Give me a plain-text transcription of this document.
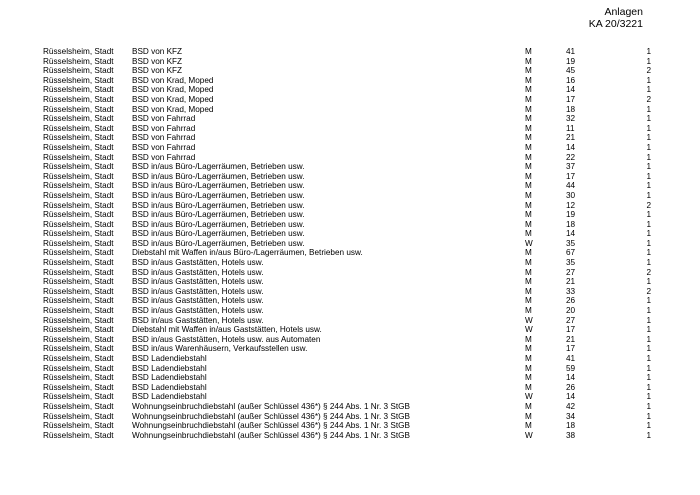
Anlagen
KA 20/3221
Rüsselsheim, Stadt	BSD von KFZ	M	41	1
Rüsselsheim, Stadt	BSD von KFZ	M	19	1
Rüsselsheim, Stadt	BSD von KFZ	M	45	2
Rüsselsheim, Stadt	BSD von Krad, Moped	M	16	1
Rüsselsheim, Stadt	BSD von Krad, Moped	M	14	1
Rüsselsheim, Stadt	BSD von Krad, Moped	M	17	2
Rüsselsheim, Stadt	BSD von Krad, Moped	M	18	1
Rüsselsheim, Stadt	BSD von Fahrrad	M	32	1
Rüsselsheim, Stadt	BSD von Fahrrad	M	11	1
Rüsselsheim, Stadt	BSD von Fahrrad	M	21	1
Rüsselsheim, Stadt	BSD von Fahrrad	M	14	1
Rüsselsheim, Stadt	BSD von Fahrrad	M	22	1
Rüsselsheim, Stadt	BSD in/aus Büro-/Lagerräumen, Betrieben usw.	M	37	1
Rüsselsheim, Stadt	BSD in/aus Büro-/Lagerräumen, Betrieben usw.	M	17	1
Rüsselsheim, Stadt	BSD in/aus Büro-/Lagerräumen, Betrieben usw.	M	44	1
Rüsselsheim, Stadt	BSD in/aus Büro-/Lagerräumen, Betrieben usw.	M	30	1
Rüsselsheim, Stadt	BSD in/aus Büro-/Lagerräumen, Betrieben usw.	M	12	2
Rüsselsheim, Stadt	BSD in/aus Büro-/Lagerräumen, Betrieben usw.	M	19	1
Rüsselsheim, Stadt	BSD in/aus Büro-/Lagerräumen, Betrieben usw.	M	18	1
Rüsselsheim, Stadt	BSD in/aus Büro-/Lagerräumen, Betrieben usw.	M	14	1
Rüsselsheim, Stadt	BSD in/aus Büro-/Lagerräumen, Betrieben usw.	W	35	1
Rüsselsheim, Stadt	Diebstahl mit Waffen in/aus Büro-/Lagerräumen, Betrieben usw.	M	67	1
Rüsselsheim, Stadt	BSD in/aus Gaststätten, Hotels usw.	M	35	1
Rüsselsheim, Stadt	BSD in/aus Gaststätten, Hotels usw.	M	27	2
Rüsselsheim, Stadt	BSD in/aus Gaststätten, Hotels usw.	M	21	1
Rüsselsheim, Stadt	BSD in/aus Gaststätten, Hotels usw.	M	33	2
Rüsselsheim, Stadt	BSD in/aus Gaststätten, Hotels usw.	M	26	1
Rüsselsheim, Stadt	BSD in/aus Gaststätten, Hotels usw.	M	20	1
Rüsselsheim, Stadt	BSD in/aus Gaststätten, Hotels usw.	W	27	1
Rüsselsheim, Stadt	Diebstahl mit Waffen in/aus Gaststätten, Hotels usw.	W	17	1
Rüsselsheim, Stadt	BSD in/aus Gaststätten, Hotels usw. aus Automaten	M	21	1
Rüsselsheim, Stadt	BSD in/aus Warenhäusern, Verkaufsstellen usw.	M	17	1
Rüsselsheim, Stadt	BSD Ladendiebstahl	M	41	1
Rüsselsheim, Stadt	BSD Ladendiebstahl	M	59	1
Rüsselsheim, Stadt	BSD Ladendiebstahl	M	14	1
Rüsselsheim, Stadt	BSD Ladendiebstahl	M	26	1
Rüsselsheim, Stadt	BSD Ladendiebstahl	W	14	1
Rüsselsheim, Stadt	Wohnungseinbruchdiebstahl (außer Schlüssel 436*) § 244 Abs. 1 Nr. 3 StGB	M	42	1
Rüsselsheim, Stadt	Wohnungseinbruchdiebstahl (außer Schlüssel 436*) § 244 Abs. 1 Nr. 3 StGB	M	34	1
Rüsselsheim, Stadt	Wohnungseinbruchdiebstahl (außer Schlüssel 436*) § 244 Abs. 1 Nr. 3 StGB	M	18	1
Rüsselsheim, Stadt	Wohnungseinbruchdiebstahl (außer Schlüssel 436*) § 244 Abs. 1 Nr. 3 StGB	W	38	1
